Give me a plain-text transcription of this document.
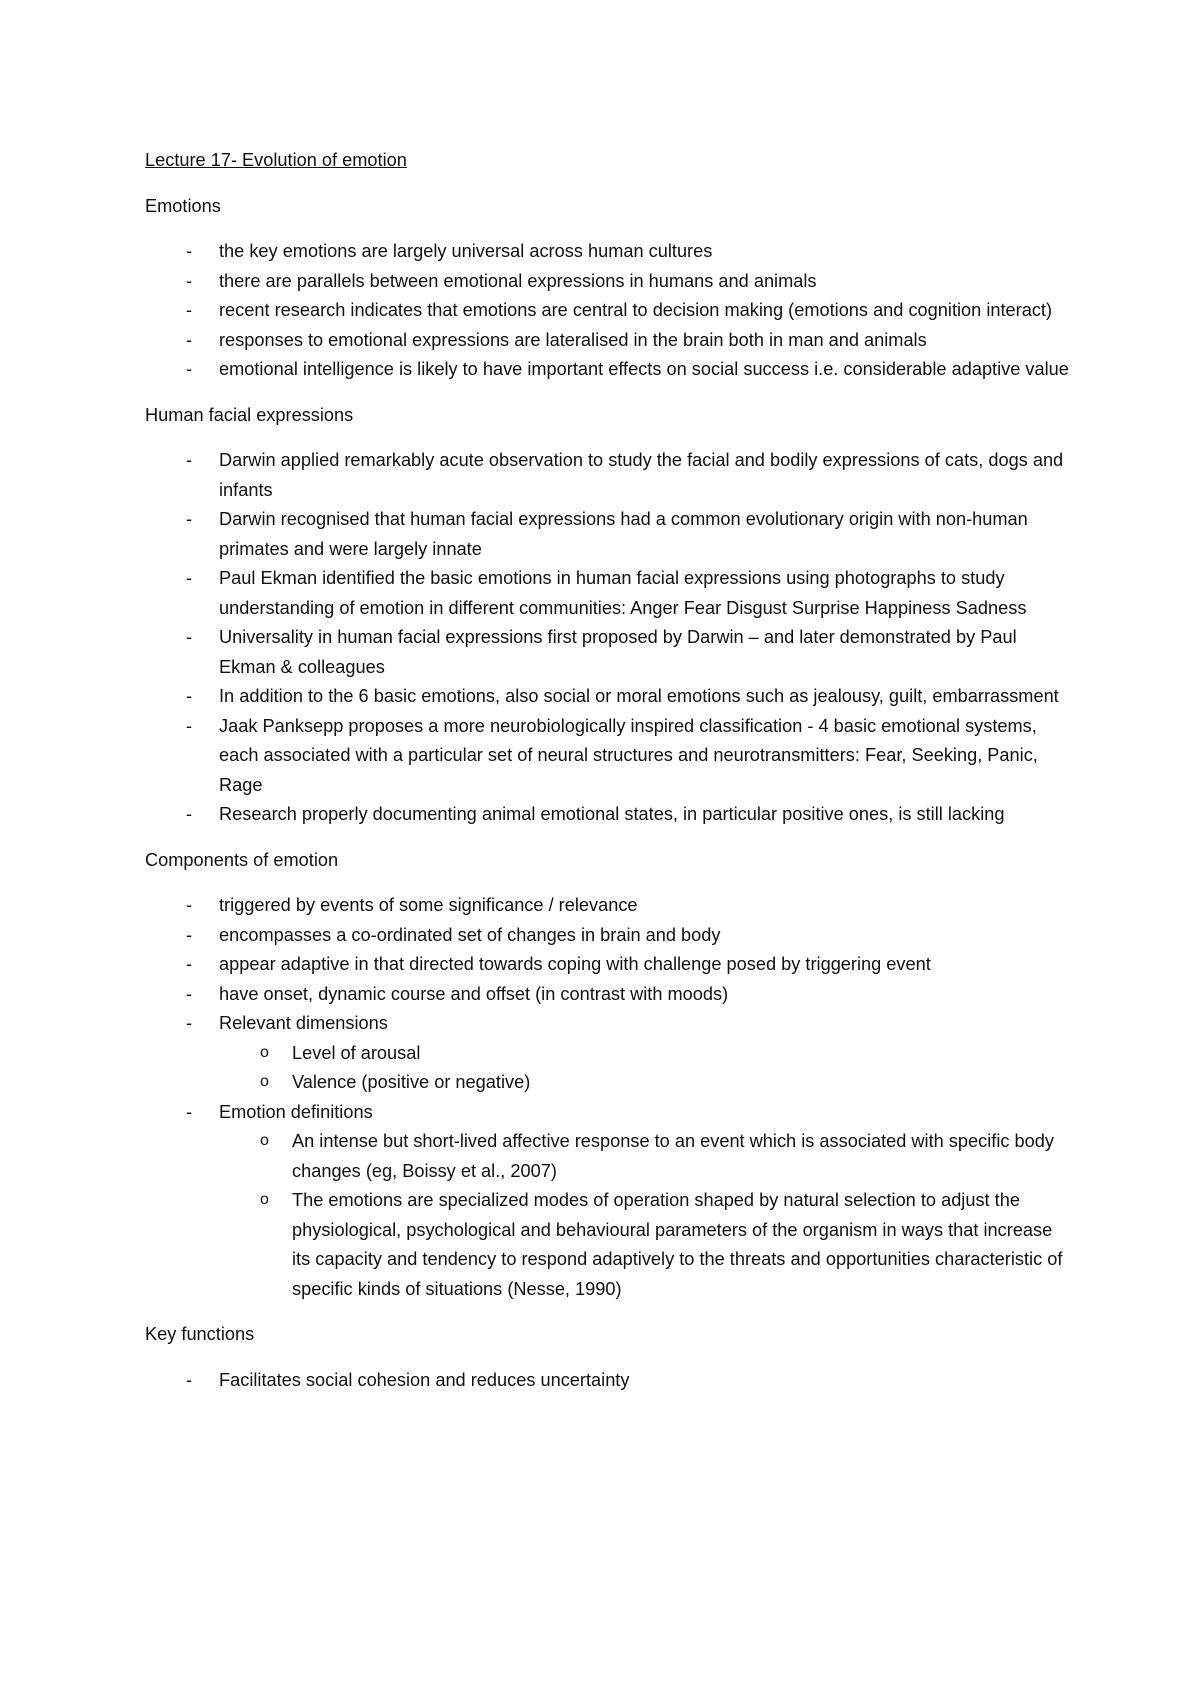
Lecture 17- Evolution of emotion
Emotions
- the key emotions are largely universal across human cultures
- there are parallels between emotional expressions in humans and animals
- recent research indicates that emotions are central to decision making (emotions and cognition interact)
- responses to emotional expressions are lateralised in the brain both in man and animals
- emotional intelligence is likely to have important effects on social success i.e. considerable adaptive value
Human facial expressions
- Darwin applied remarkably acute observation to study the facial and bodily expressions of cats, dogs and infants
- Darwin recognised that human facial expressions had a common evolutionary origin with non-human primates and were largely innate
- Paul Ekman identified the basic emotions in human facial expressions using photographs to study understanding of emotion in different communities: Anger Fear Disgust Surprise Happiness Sadness
- Universality in human facial expressions first proposed by Darwin – and later demonstrated by Paul Ekman & colleagues
- In addition to the 6 basic emotions, also social or moral emotions such as jealousy, guilt, embarrassment
- Jaak Panksepp proposes a more neurobiologically inspired classification - 4 basic emotional systems, each associated with a particular set of neural structures and neurotransmitters: Fear, Seeking, Panic, Rage
- Research properly documenting animal emotional states, in particular positive ones, is still lacking
Components of emotion
- triggered by events of some significance / relevance
- encompasses a co-ordinated set of changes in brain and body
- appear adaptive in that directed towards coping with challenge posed by triggering event
- have onset, dynamic course and offset (in contrast with moods)
- Relevant dimensions
o Level of arousal
o Valence (positive or negative)
- Emotion definitions
o An intense but short-lived affective response to an event which is associated with specific body changes (eg, Boissy et al., 2007)
o The emotions are specialized modes of operation shaped by natural selection to adjust the physiological, psychological and behavioural parameters of the organism in ways that increase its capacity and tendency to respond adaptively to the threats and opportunities characteristic of specific kinds of situations (Nesse, 1990)
Key functions
- Facilitates social cohesion and reduces uncertainty
